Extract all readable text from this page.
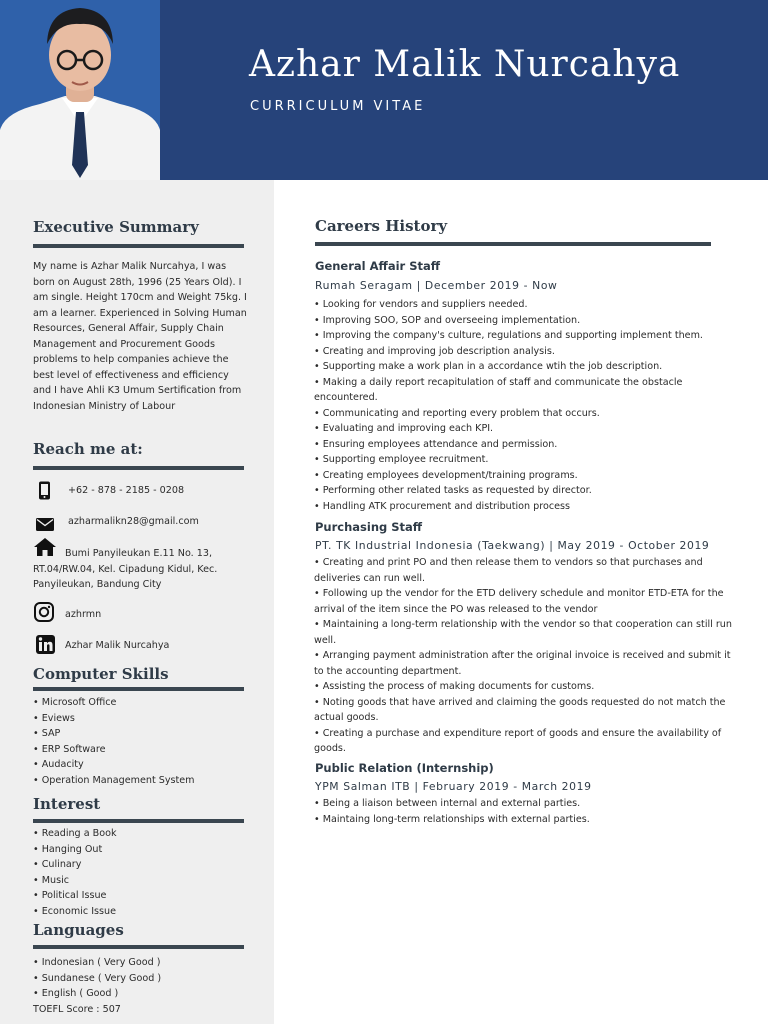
Azhar Malik Nurcahya
CURRICULUM VITAE
Executive Summary
My name is Azhar Malik Nurcahya, I was born on August 28th, 1996 (25 Years Old). I am single. Height 170cm and Weight 75kg. I am a learner. Experienced in Solving Human Resources, General Affair, Supply Chain Management and Procurement Goods problems to help companies achieve the best level of effectiveness and efficiency and I have Ahli K3 Umum Sertification from Indonesian Ministry of Labour
Reach me at:
+62 - 878 - 2185 - 0208
azharmalikn28@gmail.com
Bumi Panyileukan E.11 No. 13, RT.04/RW.04, Kel. Cipadung Kidul, Kec. Panyileukan, Bandung City
azhrmn
Azhar Malik Nurcahya
Computer Skills
• Microsoft Office
• Eviews
• SAP
• ERP Software
• Audacity
• Operation Management System
Interest
• Reading a Book
• Hanging Out
• Culinary
• Music
• Political Issue
• Economic Issue
Languages
• Indonesian ( Very Good )
• Sundanese ( Very Good )
• English ( Good )
TOEFL Score : 507
Careers History
General Affair Staff
Rumah Seragam | December 2019 - Now
• Looking for vendors and suppliers needed.
• Improving SOO, SOP and overseeing implementation.
• Improving the company's culture, regulations and supporting implement them.
• Creating and improving job description analysis.
• Supporting make a work plan in a accordance wtih the job description.
• Making a daily report recapitulation of staff and communicate the obstacle encountered.
• Communicating and reporting every problem that occurs.
• Evaluating and improving each KPI.
• Ensuring employees attendance and permission.
• Supporting employee recruitment.
• Creating employees development/training programs.
• Performing other related tasks as requested by director.
• Handling ATK procurement and distribution process
Purchasing Staff
PT. TK Industrial Indonesia (Taekwang) | May 2019 - October 2019
• Creating and print PO and then release them to vendors so that purchases and deliveries can run well.
• Following up the vendor for the ETD delivery schedule and monitor ETD-ETA for the arrival of the item since the PO was released to the vendor
• Maintaining a long-term relationship with the vendor so that cooperation can still run well.
• Arranging payment administration after the original invoice is received and submit it to the accounting department.
• Assisting the process of making documents for customs.
• Noting goods that have arrived and claiming the goods requested do not match the actual goods.
• Creating a purchase and expenditure report of goods and ensure the availability of goods.
Public Relation (Internship)
YPM Salman ITB | February 2019 - March 2019
• Being a liaison between internal and external parties.
• Maintaing long-term relationships with external parties.
